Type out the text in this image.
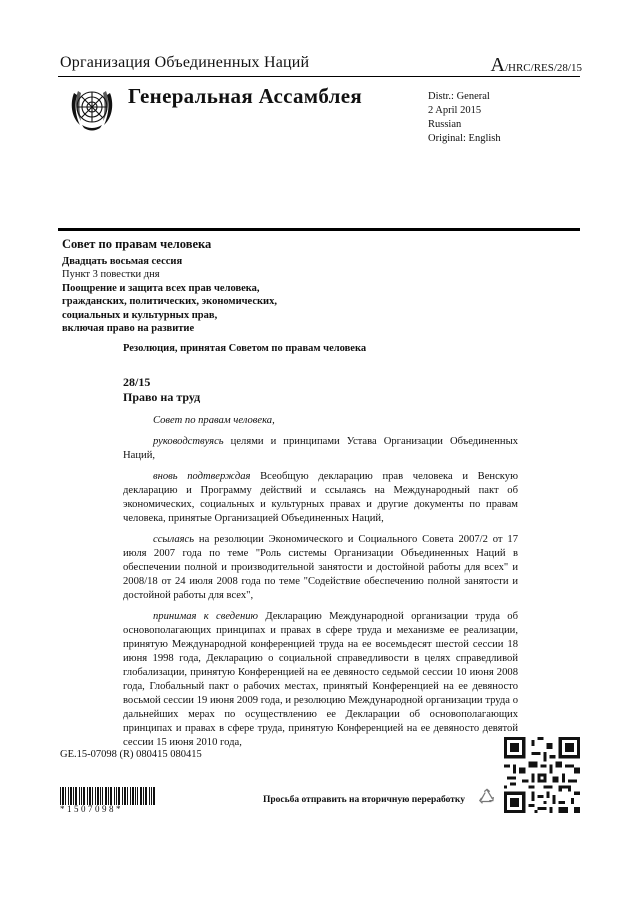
Организация Объединенных Наций	A/HRC/RES/28/15
Генеральная Ассамблея	Distr.: General
2 April 2015
Russian
Original: English
Совет по правам человека
Двадцать восьмая сессия
Пункт 3 повестки дня
Поощрение и защита всех прав человека,
гражданских, политических, экономических,
социальных и культурных прав,
включая право на развитие
Резолюция, принятая Советом по правам человека
28/15
Право на труд

Совет по правам человека,

руководствуясь целями и принципами Устава Организации Объединенных Наций,

вновь подтверждая Всеобщую декларацию прав человека и Венскую декларацию и Программу действий и ссылаясь на Международный пакт об экономических, социальных и культурных правах и другие документы по правам человека, принятые Организацией Объединенных Наций,

ссылаясь на резолюции Экономического и Социального Совета 2007/2 от 17 июля 2007 года по теме "Роль системы Организации Объединенных Наций в обеспечении полной и производительной занятости и достойной работы для всех" и 2008/18 от 24 июля 2008 года по теме "Содействие обеспечению полной занятости и достойной работы для всех",

принимая к сведению Декларацию Международной организации труда об основополагающих принципах и правах в сфере труда и механизме ее реализации, принятую Международной конференцией труда на ее восемьдесят шестой сессии 18 июня 1998 года, Декларацию о социальной справедливости в целях справедливой глобализации, принятую Конференцией на ее девяносто седьмой сессии 10 июня 2008 года, Глобальный пакт о рабочих местах, принятый Конференцией на ее девяносто восьмой сессии 19 июня 2009 года, и резолюцию Международной организации труда о дальнейших мерах по осуществлению ее Декларации об основополагающих принципах и правах в сфере труда, принятую Конференцией на ее девяносто девятой сессии 15 июня 2010 года,

GE.15-07098 (R) 080415 080415
*1507098*
Просьба отправить на вторичную переработку
